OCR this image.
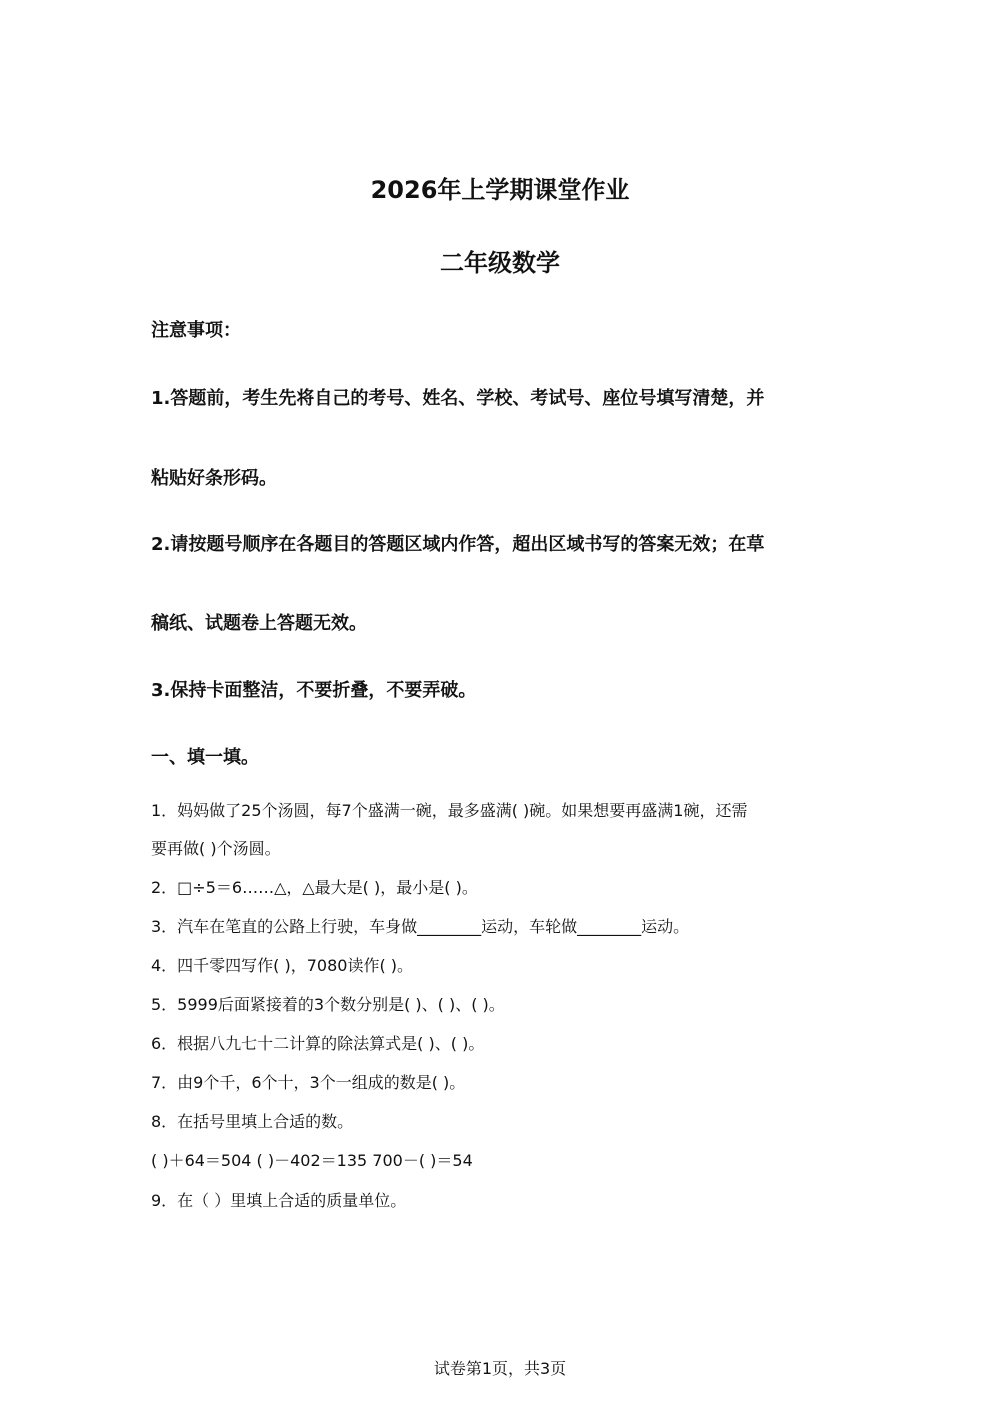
2026年上学期课堂作业
二年级数学
注意事项：
1.答题前，考生先将自己的考号、姓名、学校、考试号、座位号填写清楚，并
粘贴好条形码。
2.请按题号顺序在各题目的答题区域内作答，超出区域书写的答案无效；在草
稿纸、试题卷上答题无效。
3.保持卡面整洁，不要折叠，不要弄破。
一、填一填。
1．妈妈做了25个汤圆，每7个盛满一碗，最多盛满( )碗。如果想要再盛满1碗，还需
要再做( )个汤圆。
2．□÷5＝6……△，△最大是( )，最小是( )。
3．汽车在笔直的公路上行驶，车身做________运动，车轮做________运动。
4．四千零四写作( )，7080读作( )。
5．5999后面紧接着的3个数分别是( )、( )、( )。
6．根据八九七十二计算的除法算式是( )、( )。
7．由9个千，6个十，3个一组成的数是( )。
8．在括号里填上合适的数。
( )＋64＝504 ( )－402＝135 700－( )＝54
9．在（ ）里填上合适的质量单位。
试卷第1页，共3页
